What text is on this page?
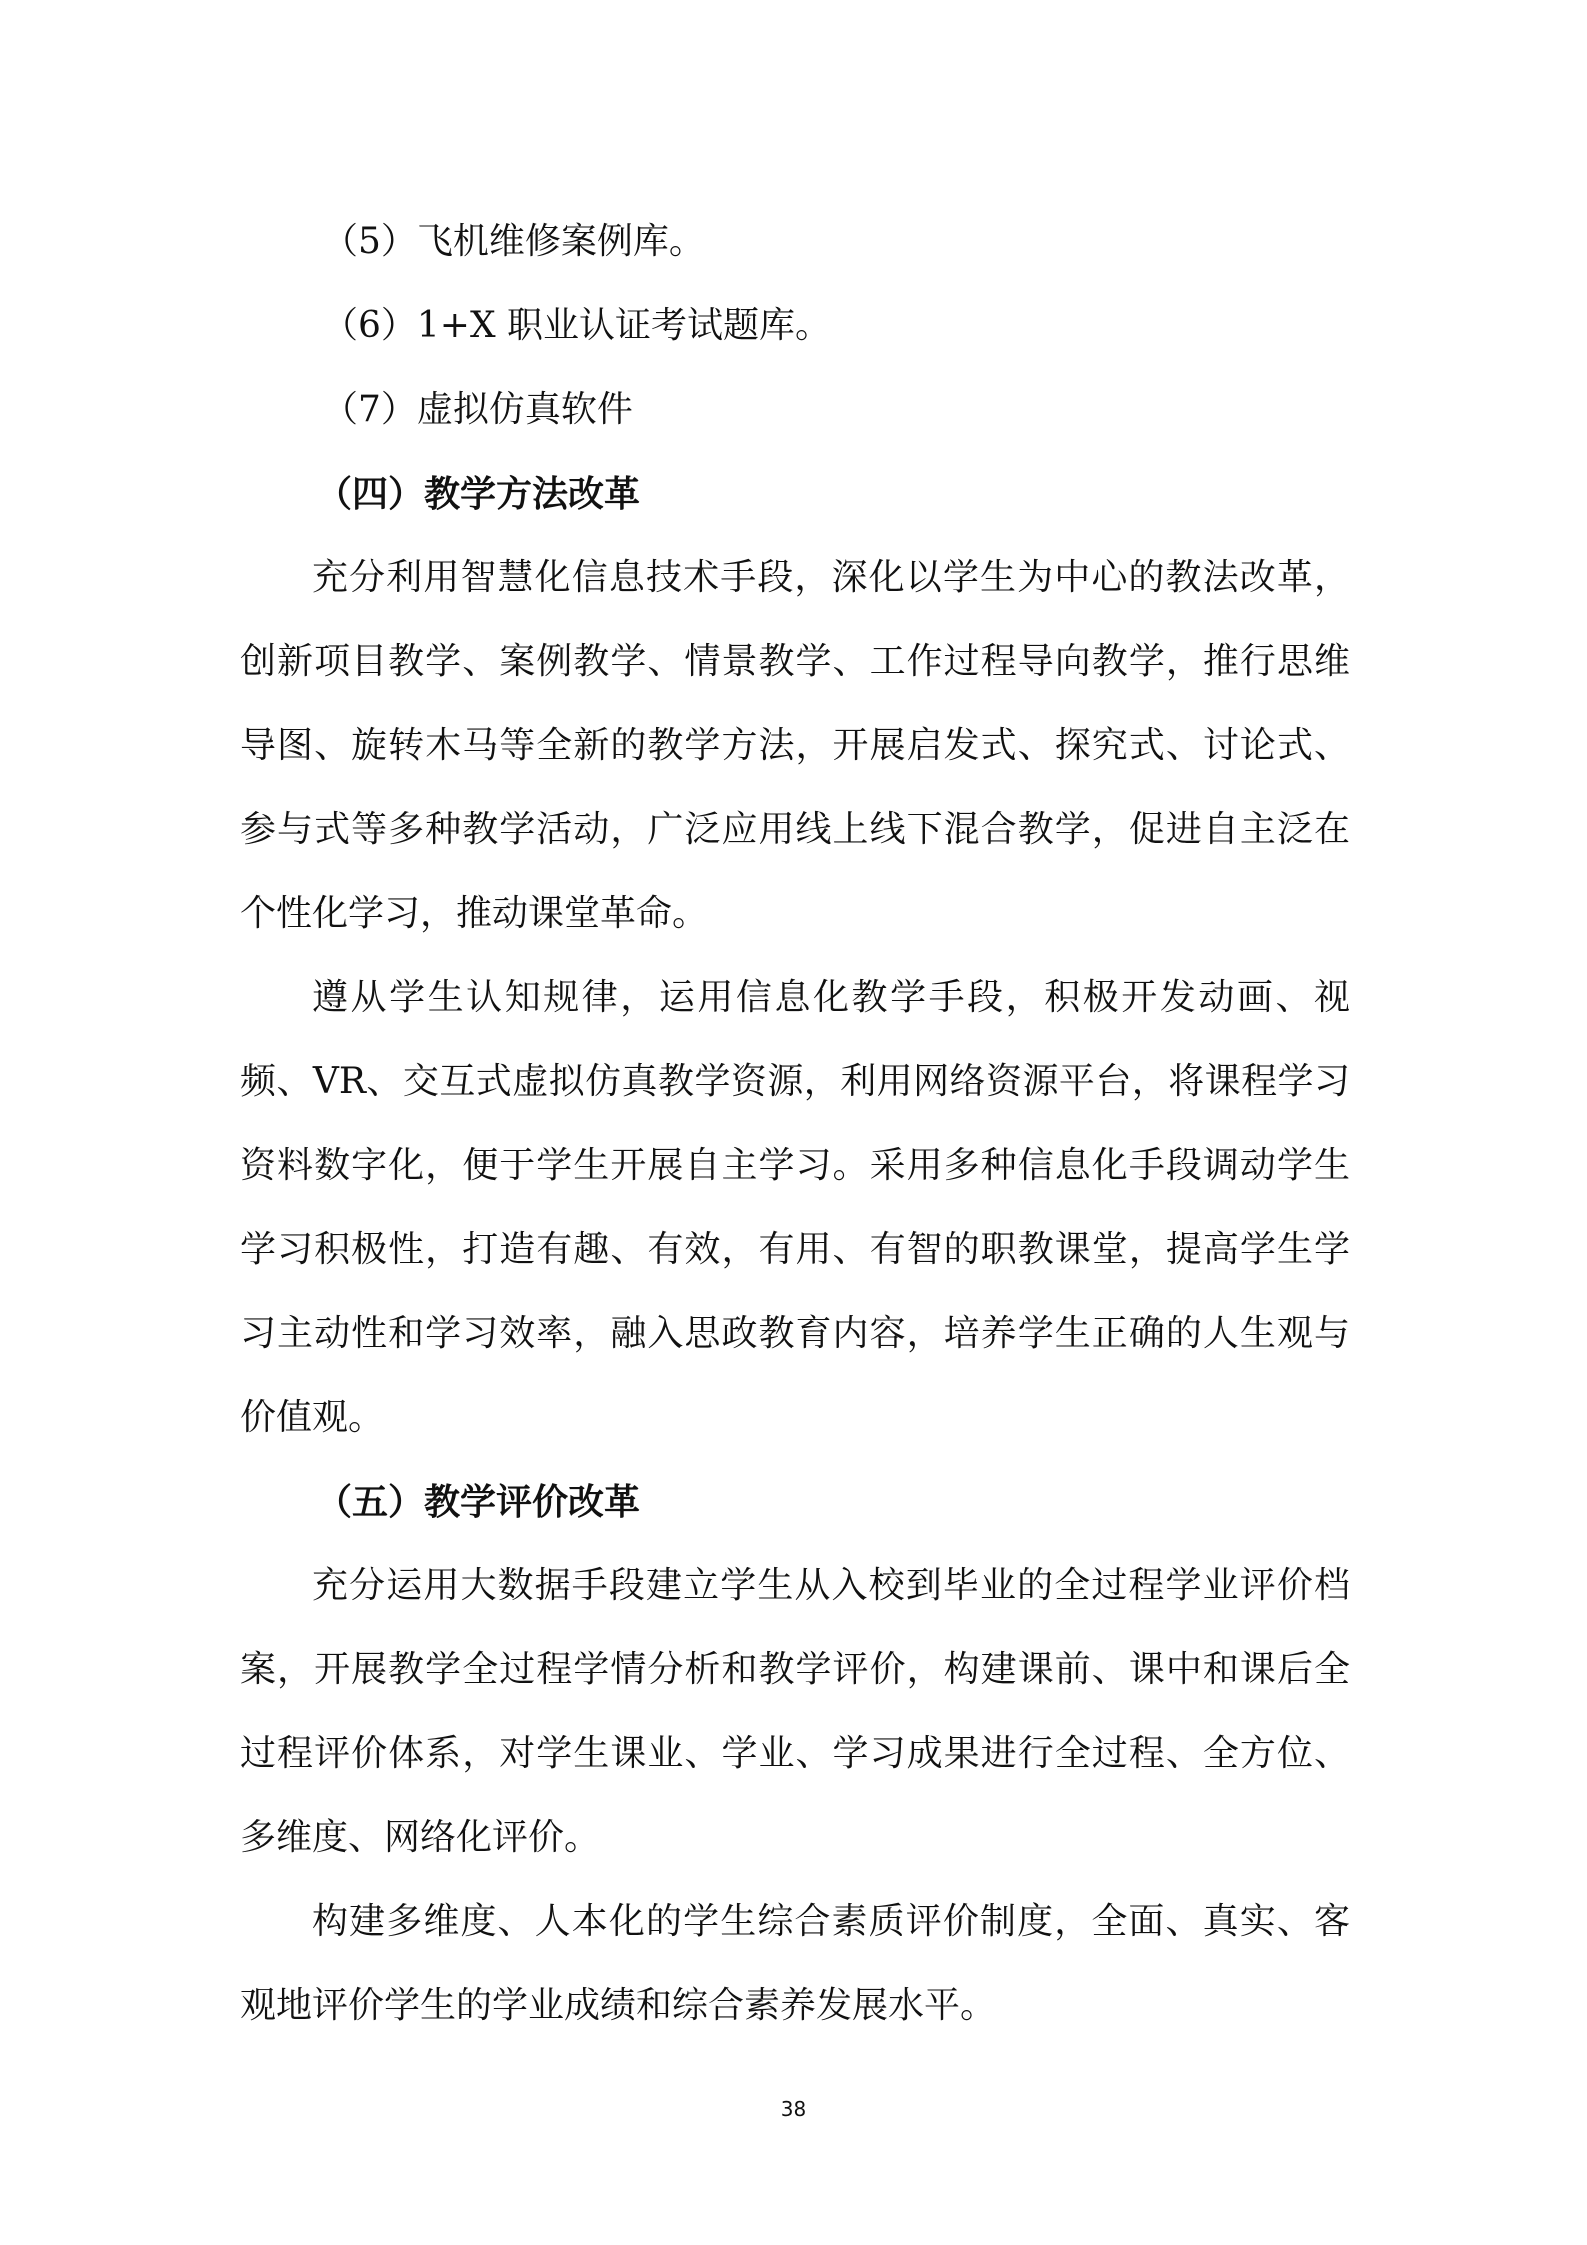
（5）飞机维修案例库。

（6）1+X 职业认证考试题库。

（7）虚拟仿真软件

（四）教学方法改革

充分利用智慧化信息技术手段，深化以学生为中心的教法改革，创新项目教学、案例教学、情景教学、工作过程导向教学，推行思维导图、旋转木马等全新的教学方法，开展启发式、探究式、讨论式、参与式等多种教学活动，广泛应用线上线下混合教学，促进自主泛在个性化学习，推动课堂革命。

遵从学生认知规律，运用信息化教学手段，积极开发动画、视频、VR、交互式虚拟仿真教学资源，利用网络资源平台，将课程学习资料数字化，便于学生开展自主学习。采用多种信息化手段调动学生学习积极性，打造有趣、有效，有用、有智的职教课堂，提高学生学习主动性和学习效率，融入思政教育内容，培养学生正确的人生观与价值观。

（五）教学评价改革

充分运用大数据手段建立学生从入校到毕业的全过程学业评价档案，开展教学全过程学情分析和教学评价，构建课前、课中和课后全过程评价体系，对学生课业、学业、学习成果进行全过程、全方位、多维度、网络化评价。

构建多维度、人本化的学生综合素质评价制度，全面、真实、客观地评价学生的学业成绩和综合素养发展水平。

38
